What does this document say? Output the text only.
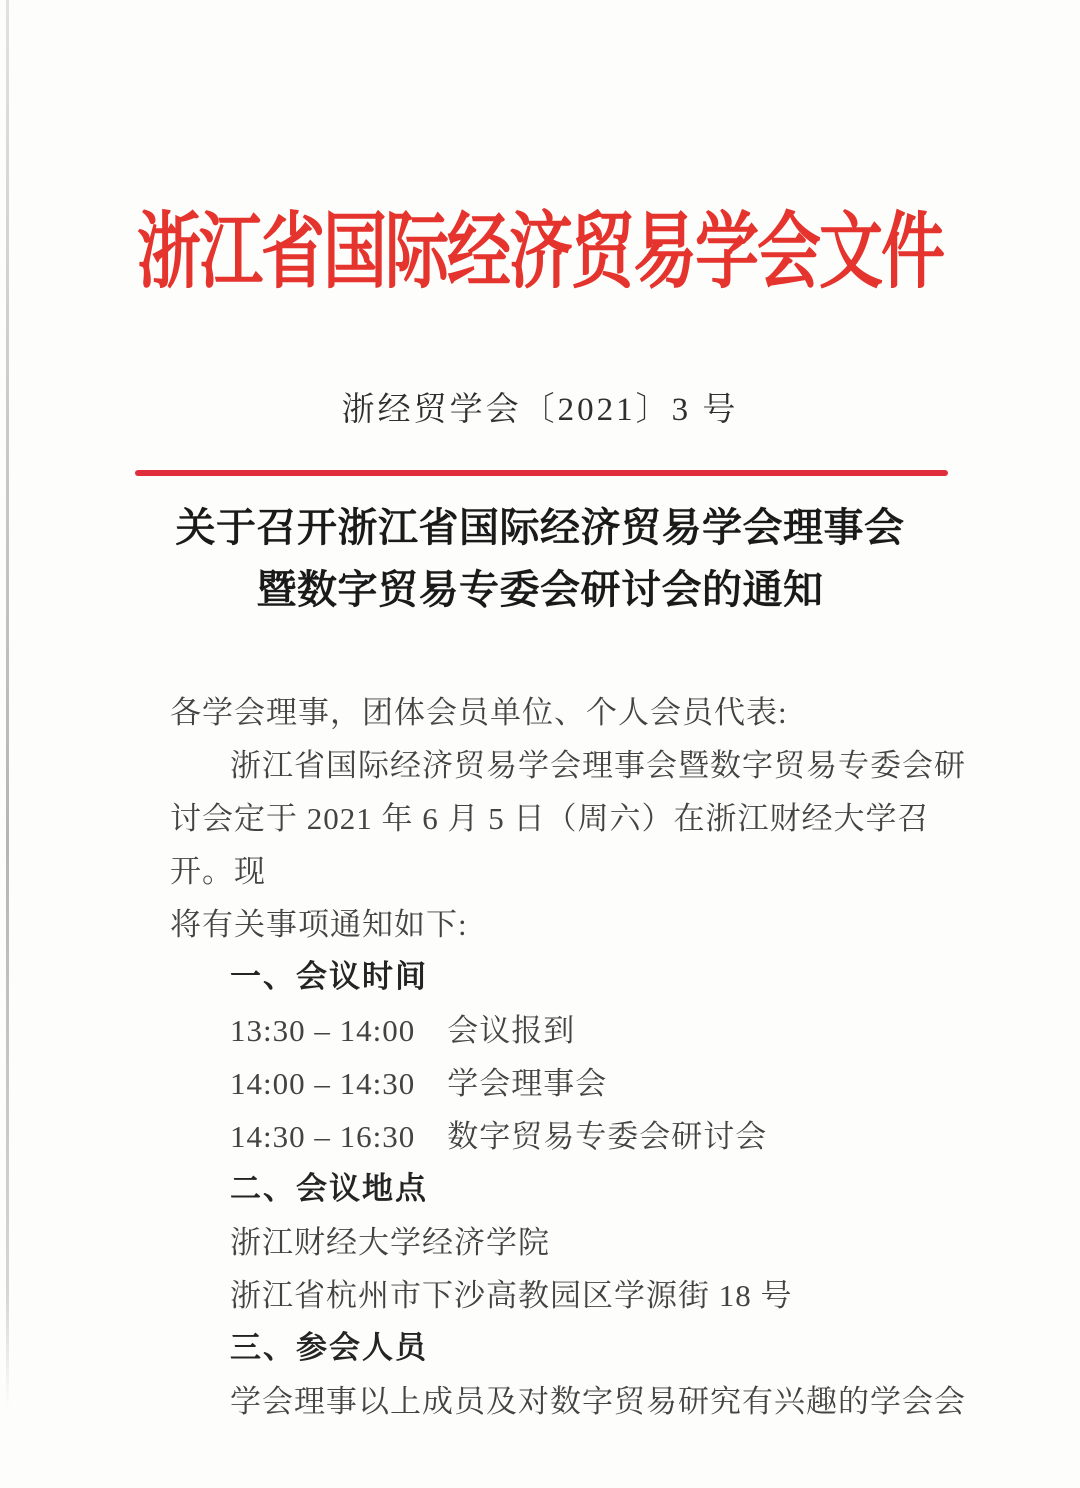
浙江省国际经济贸易学会文件
浙经贸学会〔2021〕3 号
关于召开浙江省国际经济贸易学会理事会
暨数字贸易专委会研讨会的通知
各学会理事，团体会员单位、个人会员代表:
浙江省国际经济贸易学会理事会暨数字贸易专委会研
讨会定于 2021 年 6 月 5 日（周六）在浙江财经大学召开。现
将有关事项通知如下:
一、会议时间
13:30 – 14:00　会议报到
14:00 – 14:30　学会理事会
14:30 – 16:30　数字贸易专委会研讨会
二、会议地点
浙江财经大学经济学院
浙江省杭州市下沙高教园区学源街 18 号
三、参会人员
学会理事以上成员及对数字贸易研究有兴趣的学会会
